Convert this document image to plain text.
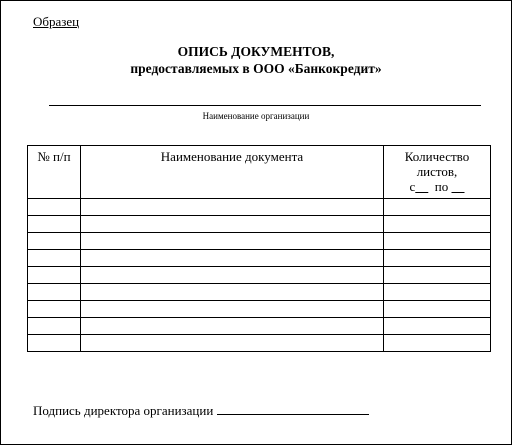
Образец
ОПИСЬ ДОКУМЕНТОВ,
предоставляемых в ООО «Банкокредит»
Наименование организации
№ п/п	Наименование документа	Количество
листов,
с по

Подпись директора организации
